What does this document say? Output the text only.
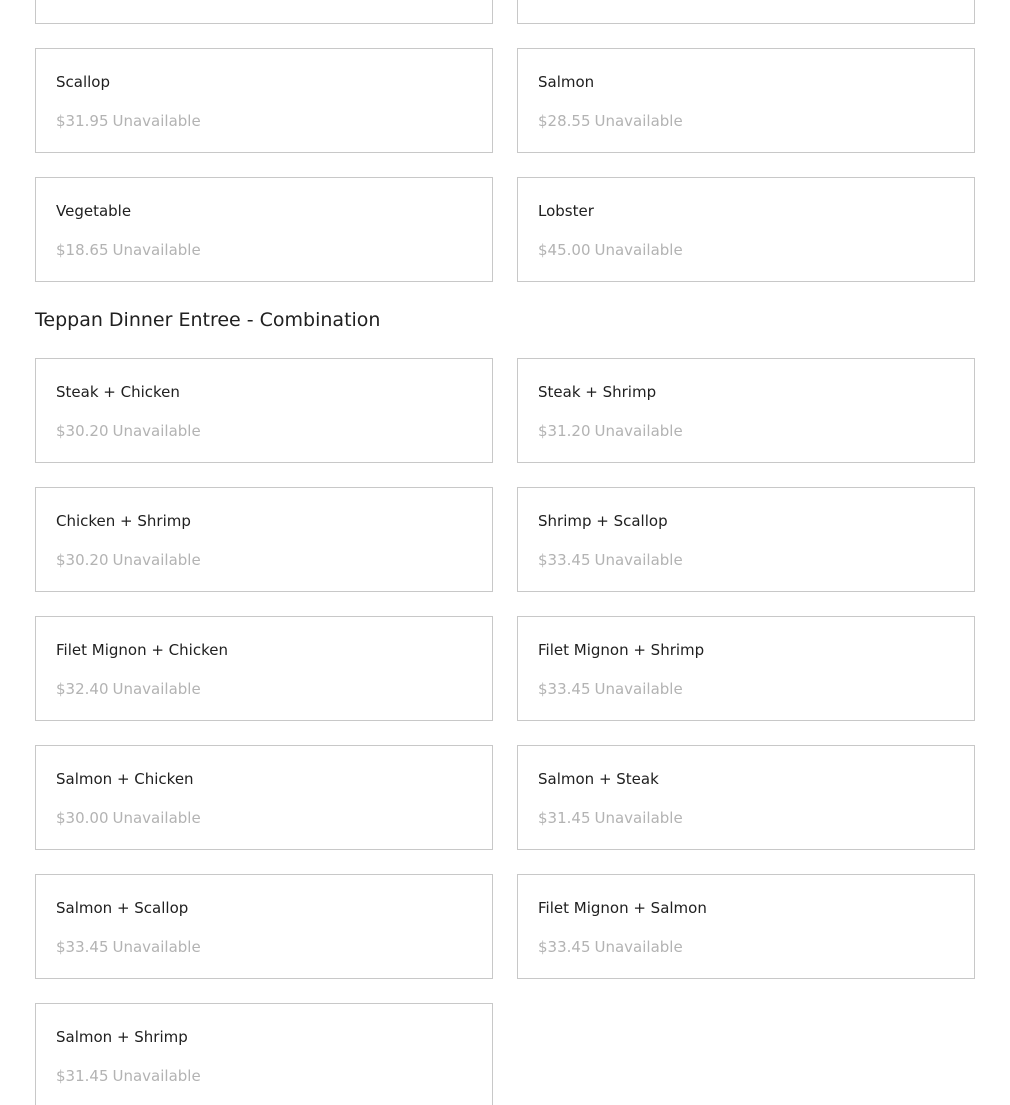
Scallop
$31.95 Unavailable
Salmon
$28.55 Unavailable
Vegetable
$18.65 Unavailable
Lobster
$45.00 Unavailable
Teppan Dinner Entree - Combination
Steak + Chicken
$30.20 Unavailable
Steak + Shrimp
$31.20 Unavailable
Chicken + Shrimp
$30.20 Unavailable
Shrimp + Scallop
$33.45 Unavailable
Filet Mignon + Chicken
$32.40 Unavailable
Filet Mignon + Shrimp
$33.45 Unavailable
Salmon + Chicken
$30.00 Unavailable
Salmon + Steak
$31.45 Unavailable
Salmon + Scallop
$33.45 Unavailable
Filet Mignon + Salmon
$33.45 Unavailable
Salmon + Shrimp
$31.45 Unavailable
